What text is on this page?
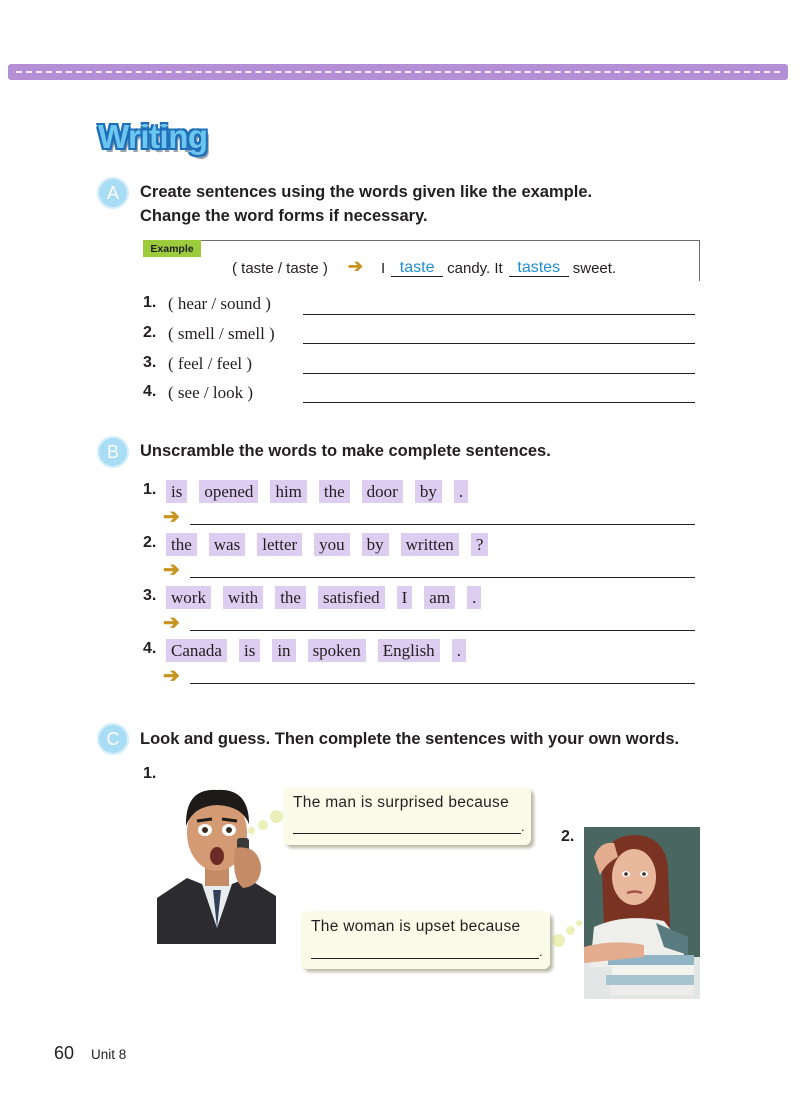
Writing
A	Create sentences using the words given like the example.
Change the word forms if necessary.
Example
( taste / taste ) ➔ I taste candy. It tastes sweet.
1. ( hear / sound )
2. ( smell / smell )
3. ( feel / feel )
4. ( see / look )
B	Unscramble the words to make complete sentences.
1. is opened him the door by .
➔
2. the was letter you by written ?
➔
3. work with the satisfied I am .
➔
4. Canada is in spoken English .
➔
C	Look and guess. Then complete the sentences with your own words.
1.
The man is surprised because
.
2.
The woman is upset because
.
60 Unit 8
